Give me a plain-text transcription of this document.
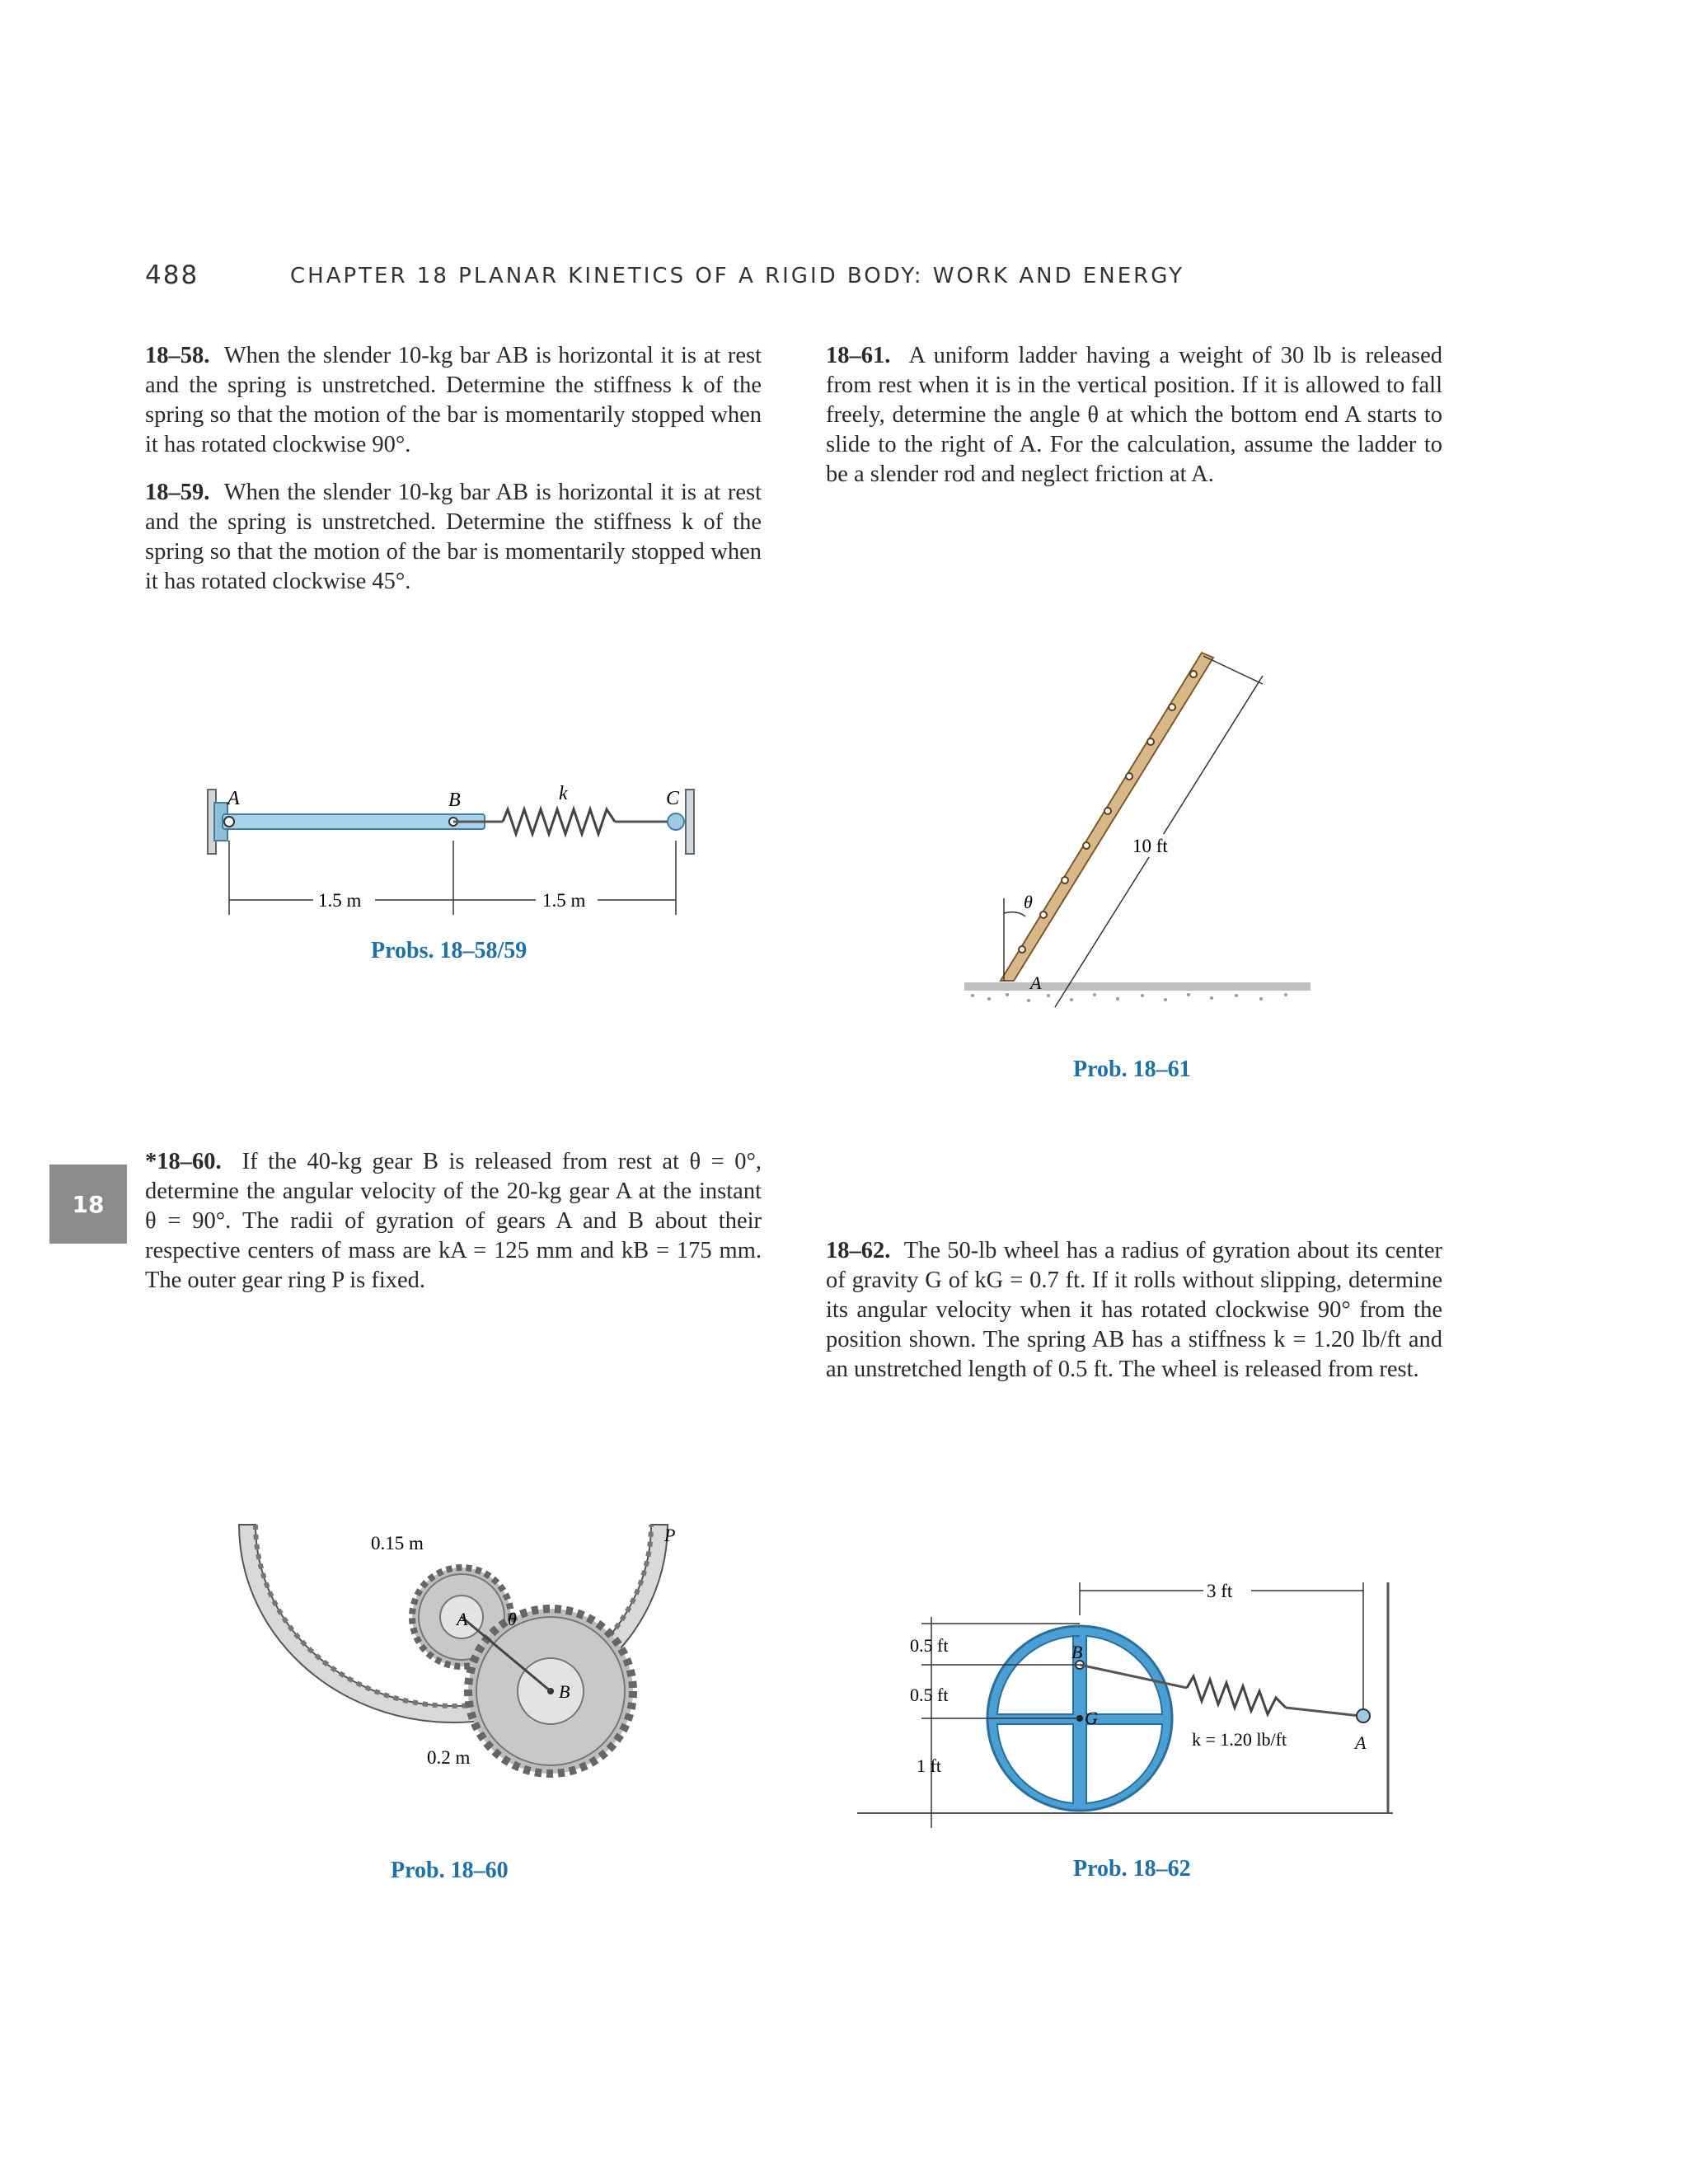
488	CHAPTER 18 PLANAR KINETICS OF A RIGID BODY: WORK AND ENERGY
18
18–58. When the slender 10-kg bar AB is horizontal it is at rest and the spring is unstretched. Determine the stiffness k of the spring so that the motion of the bar is momentarily stopped when it has rotated clockwise 90°.
18–59. When the slender 10-kg bar AB is horizontal it is at rest and the spring is unstretched. Determine the stiffness k of the spring so that the motion of the bar is momentarily stopped when it has rotated clockwise 45°.
18–61. A uniform ladder having a weight of 30 lb is released from rest when it is in the vertical position. If it is allowed to fall freely, determine the angle θ at which the bottom end A starts to slide to the right of A. For the calculation, assume the ladder to be a slender rod and neglect friction at A.
*18–60. If the 40-kg gear B is released from rest at θ = 0°, determine the angular velocity of the 20-kg gear A at the instant θ = 90°. The radii of gyration of gears A and B about their respective centers of mass are kA = 125 mm and kB = 175 mm. The outer gear ring P is fixed.
18–62. The 50-lb wheel has a radius of gyration about its center of gravity G of kG = 0.7 ft. If it rolls without slipping, determine its angular velocity when it has rotated clockwise 90° from the position shown. The spring AB has a stiffness k = 1.20 lb/ft and an unstretched length of 0.5 ft. The wheel is released from rest.
A	B	k	C
1.5 m	1.5 m
Probs. 18–58/59
θ
A
10 ft
Prob. 18–61
0.15 m
A θ
B
0.2 m
P
Prob. 18–60
3 ft
0.5 ft
0.5 ft
1 ft
B
G
k = 1.20 lb/ft	A
Prob. 18–62
